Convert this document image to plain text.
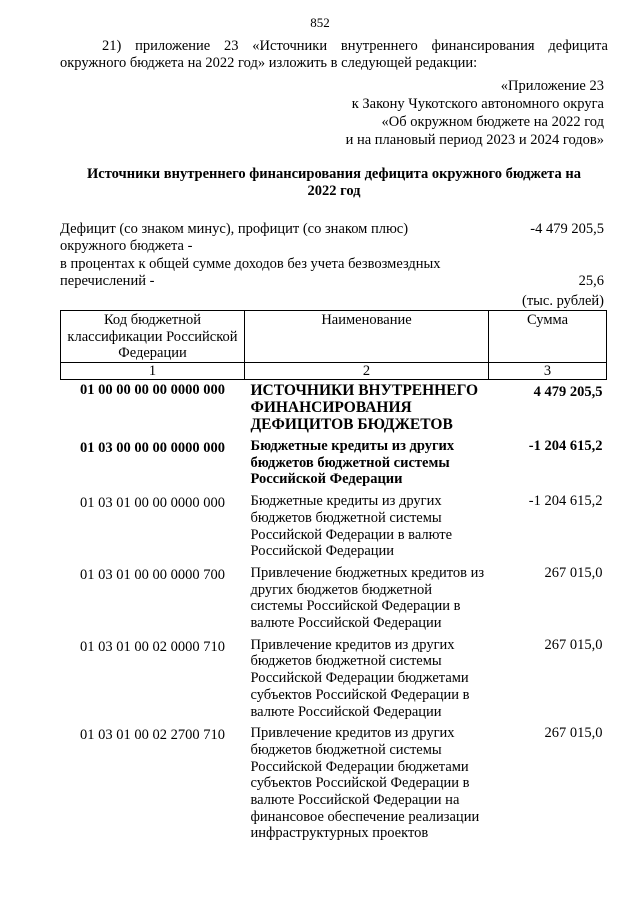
852
21) приложение 23 «Источники внутреннего финансирования дефицита
окружного бюджета на 2022 год» изложить в следующей редакции:
«Приложение 23
к Закону Чукотского автономного округа
«Об окружном бюджете на 2022 год
и на плановый период 2023 и 2024 годов»
Источники внутреннего финансирования дефицита окружного бюджета на
2022 год
Дефицит (со знаком минус), профицит (со знаком плюс)	-4 479 205,5
окружного бюджета -
в процентах к общей сумме доходов без учета безвозмездных
перечислений -	25,6
(тыс. рублей)
Код бюджетной классификации Российской Федерации	Наименование	Сумма
1	2	3
01 00 00 00 00 0000 000	ИСТОЧНИКИ ВНУТРЕННЕГО ФИНАНСИРОВАНИЯ ДЕФИЦИТОВ БЮДЖЕТОВ	4 479 205,5
01 03 00 00 00 0000 000	Бюджетные кредиты из других бюджетов бюджетной системы Российской Федерации	-1 204 615,2
01 03 01 00 00 0000 000	Бюджетные кредиты из других бюджетов бюджетной системы Российской Федерации в валюте Российской Федерации	-1 204 615,2
01 03 01 00 00 0000 700	Привлечение бюджетных кредитов из других бюджетов бюджетной системы Российской Федерации в валюте Российской Федерации	267 015,0
01 03 01 00 02 0000 710	Привлечение кредитов из других бюджетов бюджетной системы Российской Федерации бюджетами субъектов Российской Федерации в валюте Российской Федерации	267 015,0
01 03 01 00 02 2700 710	Привлечение кредитов из других бюджетов бюджетной системы Российской Федерации бюджетами субъектов Российской Федерации в валюте Российской Федерации на финансовое обеспечение реализации инфраструктурных проектов	267 015,0
